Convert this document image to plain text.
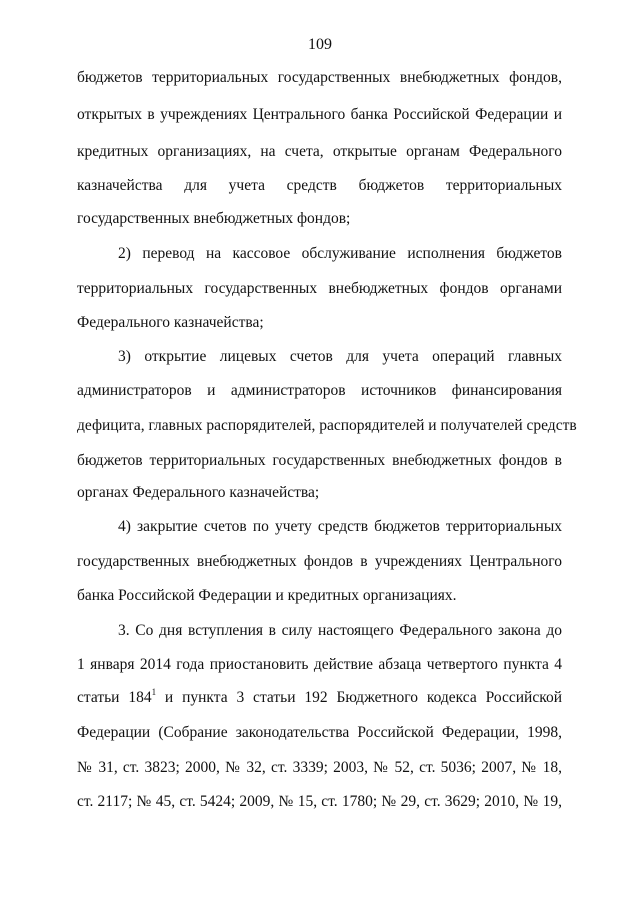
109
бюджетов территориальных государственных внебюджетных фондов,
открытых в учреждениях Центрального банка Российской Федерации и
кредитных организациях, на счета, открытые органам Федерального
казначейства для учета средств бюджетов территориальных
государственных внебюджетных фондов;
2) перевод на кассовое обслуживание исполнения бюджетов
территориальных государственных внебюджетных фондов органами
Федерального казначейства;
3) открытие лицевых счетов для учета операций главных
администраторов и администраторов источников финансирования
дефицита, главных распорядителей, распорядителей и получателей средств
бюджетов территориальных государственных внебюджетных фондов в
органах Федерального казначейства;
4) закрытие счетов по учету средств бюджетов территориальных
государственных внебюджетных фондов в учреждениях Центрального
банка Российской Федерации и кредитных организациях.
3. Со дня вступления в силу настоящего Федерального закона до
1 января 2014 года приостановить действие абзаца четвертого пункта 4
статьи $184^1$ и пункта 3 статьи 192 Бюджетного кодекса Российской
Федерации (Собрание законодательства Российской Федерации, 1998,
№ 31, ст. 3823; 2000, № 32, ст. 3339; 2003, № 52, ст. 5036; 2007, № 18,
ст. 2117; № 45, ст. 5424; 2009, № 15, ст. 1780; № 29, ст. 3629; 2010, № 19,
